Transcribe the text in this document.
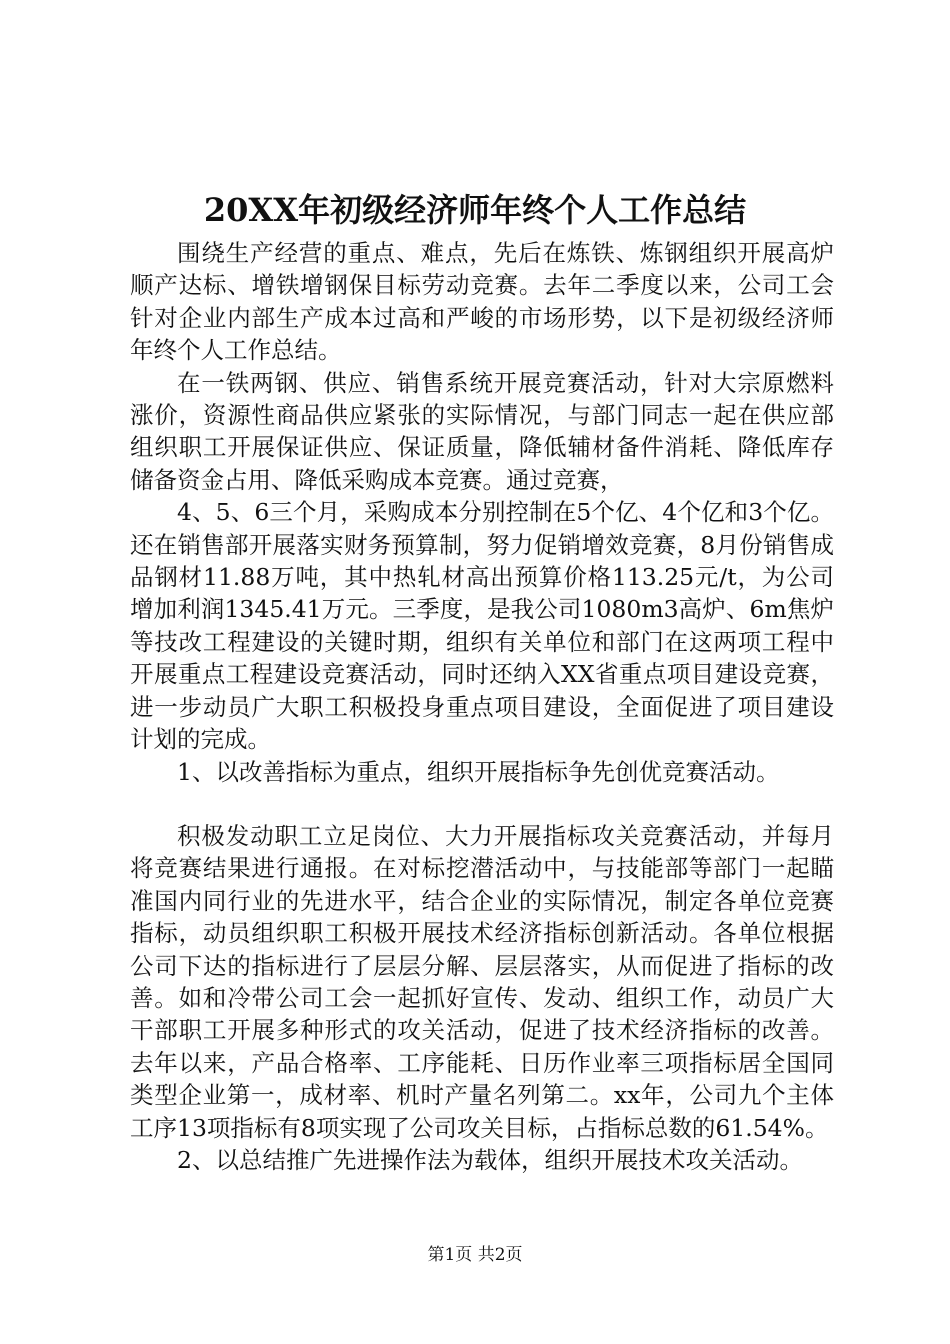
20XX年初级经济师年终个人工作总结

围绕生产经营的重点、难点，先后在炼铁、炼钢组织开展高炉顺产达标、增铁增钢保目标劳动竞赛。去年二季度以来，公司工会针对企业内部生产成本过高和严峻的市场形势，以下是初级经济师年终个人工作总结。

在一铁两钢、供应、销售系统开展竞赛活动，针对大宗原燃料涨价，资源性商品供应紧张的实际情况，与部门同志一起在供应部组织职工开展保证供应、保证质量，降低辅材备件消耗、降低库存储备资金占用、降低采购成本竞赛。通过竞赛，

4、5、6三个月，采购成本分别控制在5个亿、4个亿和3个亿。还在销售部开展落实财务预算制，努力促销增效竞赛，8月份销售成品钢材11.88万吨，其中热轧材高出预算价格113.25元/t，为公司增加利润1345.41万元。三季度，是我公司1080m3高炉、6m焦炉等技改工程建设的关键时期，组织有关单位和部门在这两项工程中开展重点工程建设竞赛活动，同时还纳入XX省重点项目建设竞赛，进一步动员广大职工积极投身重点项目建设，全面促进了项目建设计划的完成。

1、以改善指标为重点，组织开展指标争先创优竞赛活动。

积极发动职工立足岗位、大力开展指标攻关竞赛活动，并每月将竞赛结果进行通报。在对标挖潜活动中，与技能部等部门一起瞄准国内同行业的先进水平，结合企业的实际情况，制定各单位竞赛指标，动员组织职工积极开展技术经济指标创新活动。各单位根据公司下达的指标进行了层层分解、层层落实，从而促进了指标的改善。如和冷带公司工会一起抓好宣传、发动、组织工作，动员广大干部职工开展多种形式的攻关活动，促进了技术经济指标的改善。去年以来，产品合格率、工序能耗、日历作业率三项指标居全国同类型企业第一，成材率、机时产量名列第二。xx年，公司九个主体工序13项指标有8项实现了公司攻关目标，占指标总数的61.54%。

2、以总结推广先进操作法为载体，组织开展技术攻关活动。

第1页 共2页
